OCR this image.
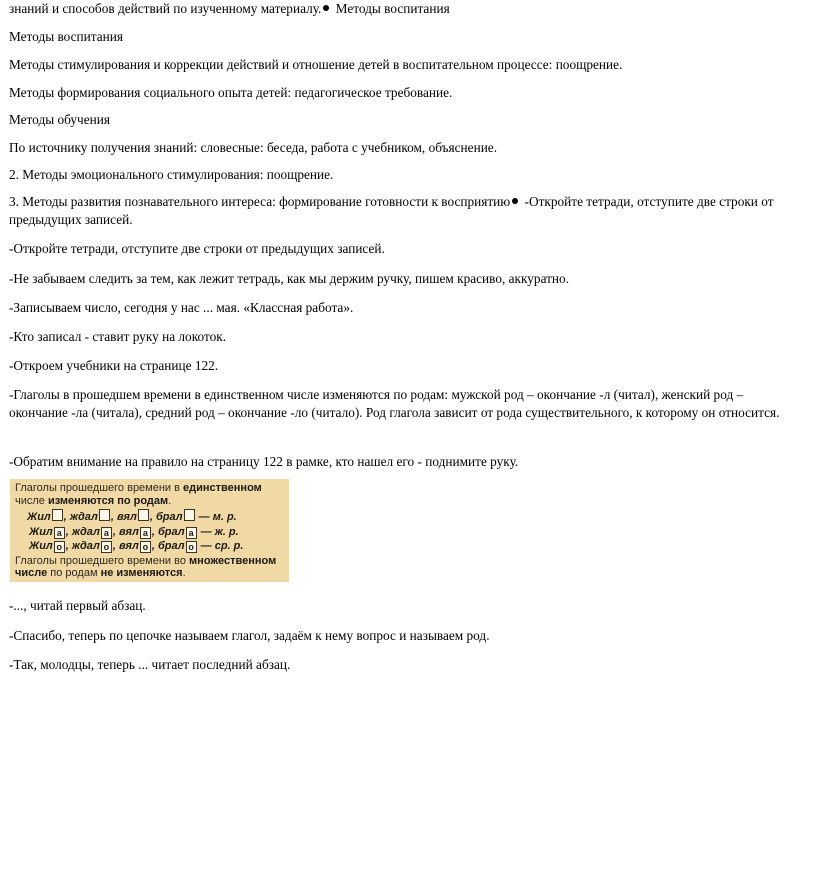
знаний и способов действий по изученному материалу. Методы воспитания

Методы воспитания

Методы стимулирования и коррекции действий и отношение детей в воспитательном процессе: поощрение.

Методы формирования социального опыта детей: педагогическое требование.

Методы обучения

По источнику получения знаний: словесные: беседа, работа с учебником, объяснение.

2. Методы эмоционального стимулирования: поощрение.

3. Методы развития познавательного интереса: формирование готовности к восприятию -Откройте тетради, отступите две строки от предыдущих записей.

-Откройте тетради, отступите две строки от предыдущих записей.

-Не забываем следить за тем, как лежит тетрадь, как мы держим ручку, пишем красиво, аккуратно.

-Записываем число, сегодня у нас ... мая. «Классная работа».

-Кто записал - ставит руку на локоток.

-Откроем учебники на странице 122.

-Глаголы в прошедшем времени в единственном числе изменяются по родам: мужской род – окончание -л (читал), женский род – окончание -ла (читала), средний род – окончание -ло (читало). Род глагола зависит от рода существительного, к которому он относится.

-Обратим внимание на правило на страницу 122 в рамке, кто нашел его - поднимите руку.

Глаголы прошедшего времени в единственном
числе изменяются по родам.
Жил , ждал , вял , брал — м. р.
Жил а , ждал а , вял а , брал а — ж. р.
Жил о , ждал о , вял о , брал о — ср. р.
Глаголы прошедшего времени во множественном
числе по родам не изменяются.

-..., читай первый абзац.

-Спасибо, теперь по цепочке называем глагол, задаём к нему вопрос и называем род.

-Так, молодцы, теперь ... читает последний абзац.
